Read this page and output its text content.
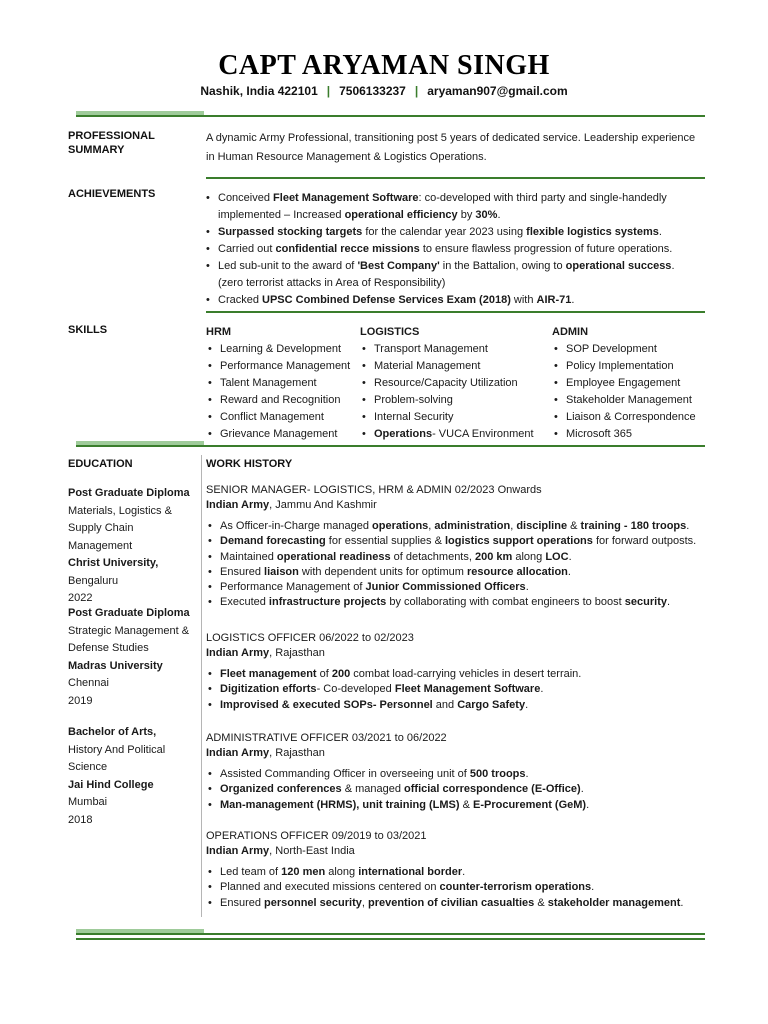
CAPT ARYAMAN SINGH
Nashik, India 422101 | 7506133237 | aryaman907@gmail.com
PROFESSIONAL SUMMARY
A dynamic Army Professional, transitioning post 5 years of dedicated service. Leadership experience in Human Resource Management & Logistics Operations.
ACHIEVEMENTS
•	Conceived Fleet Management Software: co-developed with third party and single-handedly implemented – Increased operational efficiency by 30%.
• Surpassed stocking targets for the calendar year 2023 using flexible logistics systems.
• Carried out confidential recce missions to ensure flawless progression of future operations.
• Led sub-unit to the award of 'Best Company' in the Battalion, owing to operational success. (zero terrorist attacks in Area of Responsibility)
• Cracked UPSC Combined Defense Services Exam (2018) with AIR-71.
SKILLS	HRM
• Learning & Development
• Performance Management
• Talent Management
• Reward and Recognition
• Conflict Management
• Grievance Management
LOGISTICS
• Transport Management
• Material Management
• Resource/Capacity Utilization
• Problem-solving
• Internal Security
• Operations- VUCA Environment
ADMIN
• SOP Development
• Policy Implementation
• Employee Engagement
• Stakeholder Management
• Liaison & Correspondence
• Microsoft 365
EDUCATION
Post Graduate Diploma
Materials, Logistics & Supply Chain Management
Christ University,
Bengaluru
2022
Post Graduate Diploma
Strategic Management & Defense Studies
Madras University
Chennai
2019
Bachelor of Arts,
History And Political Science
Jai Hind College
Mumbai
2018
WORK HISTORY
SENIOR MANAGER- LOGISTICS, HRM & ADMIN 02/2023 Onwards
Indian Army, Jammu And Kashmir
• As Officer-in-Charge managed operations, administration, discipline & training - 180 troops.
• Demand forecasting for essential supplies & logistics support operations for forward outposts.
• Maintained operational readiness of detachments, 200 km along LOC.
• Ensured liaison with dependent units for optimum resource allocation.
• Performance Management of Junior Commissioned Officers.
• Executed infrastructure projects by collaborating with combat engineers to boost security.
LOGISTICS OFFICER 06/2022 to 02/2023
Indian Army, Rajasthan
• Fleet management of 200 combat load-carrying vehicles in desert terrain.
• Digitization efforts- Co-developed Fleet Management Software.
• Improvised & executed SOPs- Personnel and Cargo Safety.
ADMINISTRATIVE OFFICER 03/2021 to 06/2022
Indian Army, Rajasthan
• Assisted Commanding Officer in overseeing unit of 500 troops.
• Organized conferences & managed official correspondence (E-Office).
• Man-management (HRMS), unit training (LMS) & E-Procurement (GeM).
OPERATIONS OFFICER 09/2019 to 03/2021
Indian Army, North-East India
• Led team of 120 men along international border.
• Planned and executed missions centered on counter-terrorism operations.
• Ensured personnel security, prevention of civilian casualties & stakeholder management.
